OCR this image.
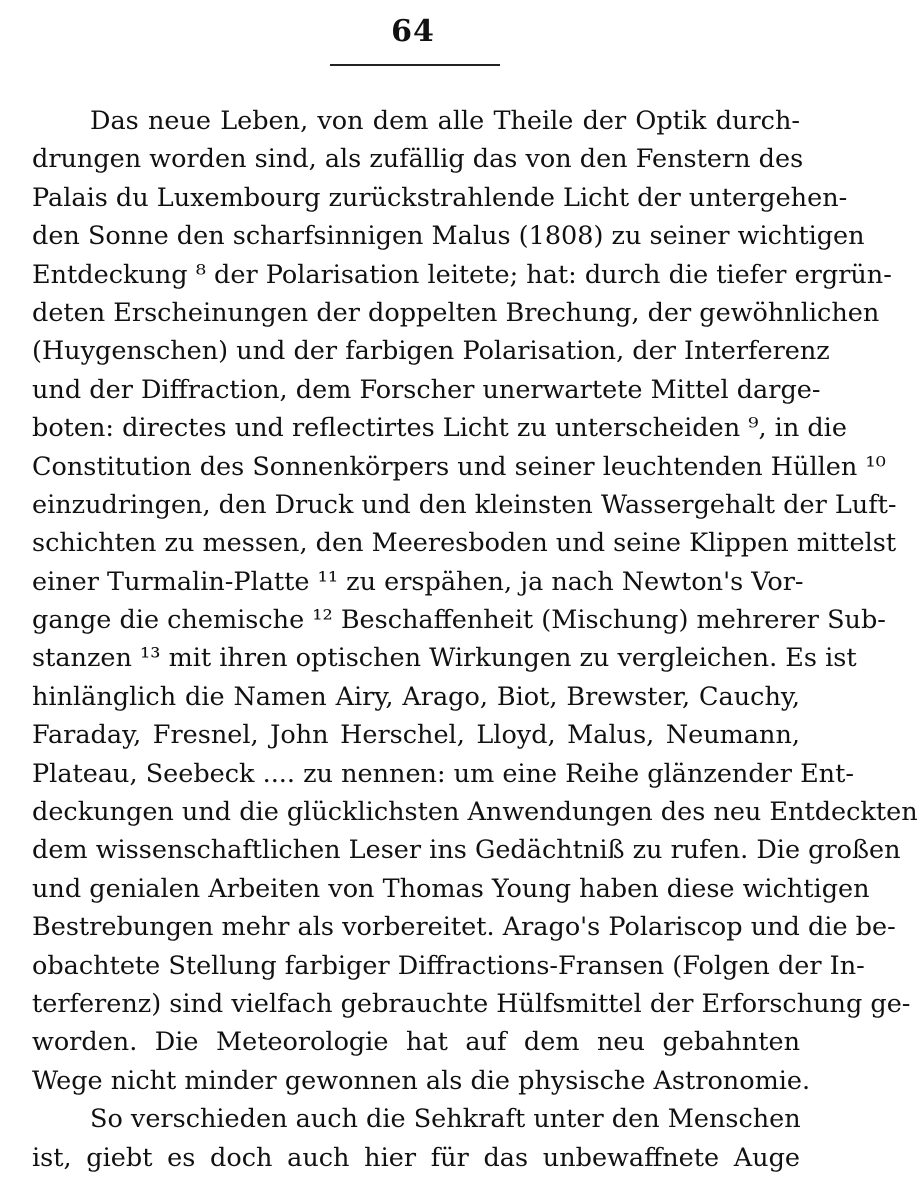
64
Das neue Leben, von dem alle Theile der Optik durch-
drungen worden sind, als zufällig das von den Fenstern des
Palais du Luxembourg zurückstrahlende Licht der untergehen-
den Sonne den scharfsinnigen Malus (1808) zu seiner wichtigen
Entdeckung ⁸ der Polarisation leitete; hat: durch die tiefer ergrün-
deten Erscheinungen der doppelten Brechung, der gewöhnlichen
(Huygenschen) und der farbigen Polarisation, der Interferenz
und der Diffraction, dem Forscher unerwartete Mittel darge-
boten: directes und reflectirtes Licht zu unterscheiden ⁹, in die
Constitution des Sonnenkörpers und seiner leuchtenden Hüllen ¹⁰
einzudringen, den Druck und den kleinsten Wassergehalt der Luft-
schichten zu messen, den Meeresboden und seine Klippen mittelst
einer Turmalin-Platte ¹¹ zu erspähen, ja nach Newton's Vor-
gange die chemische ¹² Beschaffenheit (Mischung) mehrerer Sub-
stanzen ¹³ mit ihren optischen Wirkungen zu vergleichen. Es ist
hinlänglich die Namen Airy, Arago, Biot, Brewster, Cauchy,
Faraday, Fresnel, John Herschel, Lloyd, Malus, Neumann,
Plateau, Seebeck .... zu nennen: um eine Reihe glänzender Ent-
deckungen und die glücklichsten Anwendungen des neu Entdeckten
dem wissenschaftlichen Leser ins Gedächtniß zu rufen. Die großen
und genialen Arbeiten von Thomas Young haben diese wichtigen
Bestrebungen mehr als vorbereitet. Arago's Polariscop und die be-
obachtete Stellung farbiger Diffractions-Fransen (Folgen der In-
terferenz) sind vielfach gebrauchte Hülfsmittel der Erforschung ge-
worden. Die Meteorologie hat auf dem neu gebahnten
Wege nicht minder gewonnen als die physische Astronomie.
So verschieden auch die Sehkraft unter den Menschen
ist, giebt es doch auch hier für das unbewaffnete Auge
